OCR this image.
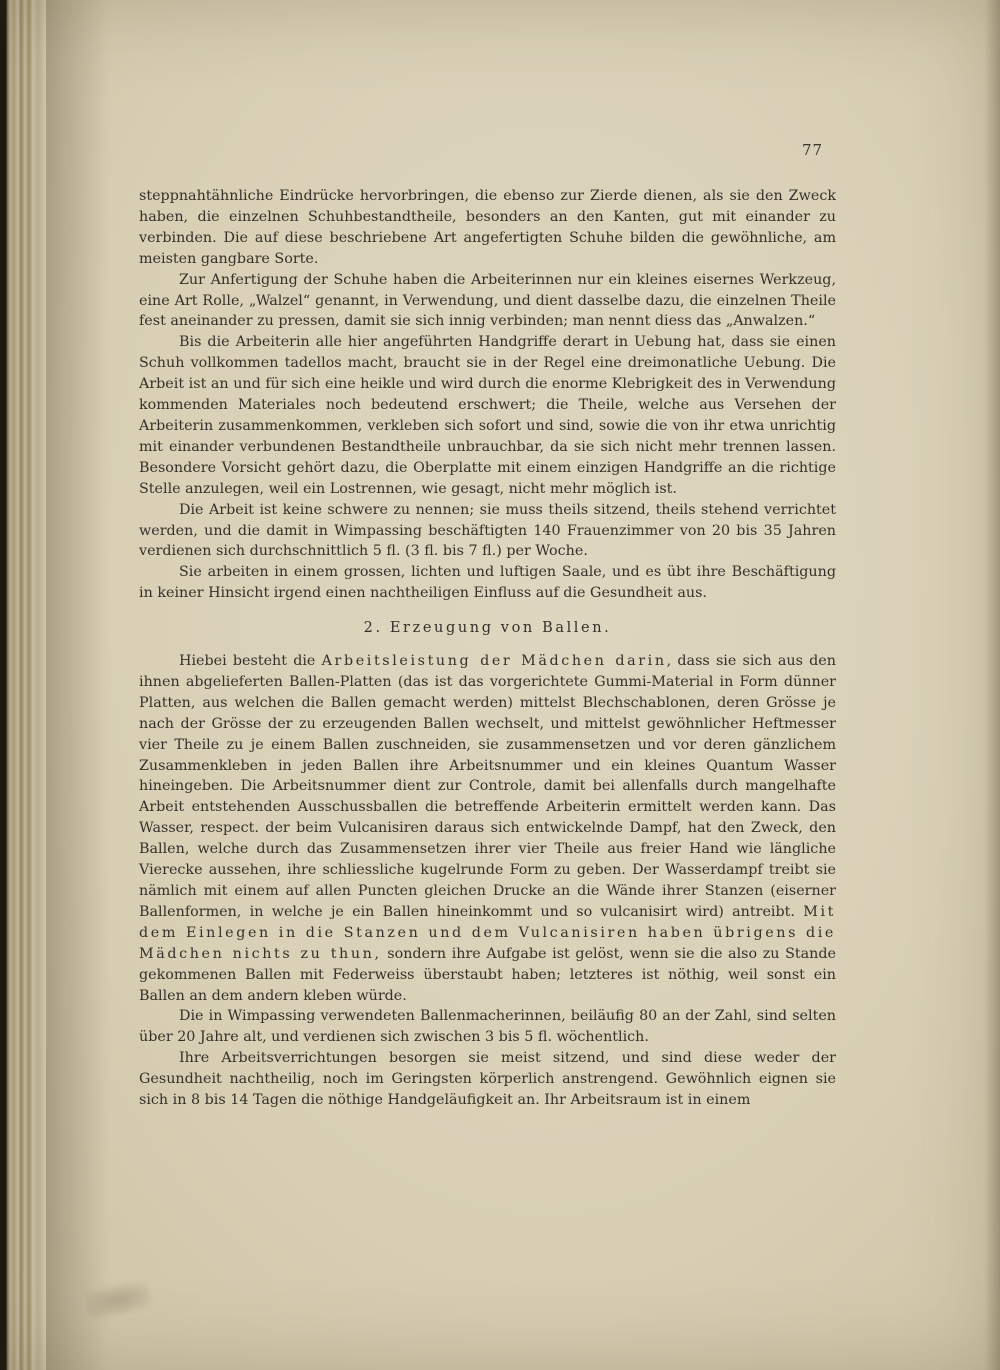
77

steppnahtähnliche Eindrücke hervorbringen, die ebenso zur Zierde dienen, als sie den Zweck haben, die einzelnen Schuhbestandtheile, besonders an den Kanten, gut mit einander zu verbinden. Die auf diese beschriebene Art angefertigten Schuhe bilden die gewöhnliche, am meisten gangbare Sorte.

Zur Anfertigung der Schuhe haben die Arbeiterinnen nur ein kleines eisernes Werkzeug, eine Art Rolle, „Walzel“ genannt, in Verwendung, und dient dasselbe dazu, die einzelnen Theile fest aneinander zu pressen, damit sie sich innig verbinden; man nennt diess das „Anwalzen.“

Bis die Arbeiterin alle hier angeführten Handgriffe derart in Uebung hat, dass sie einen Schuh vollkommen tadellos macht, braucht sie in der Regel eine dreimonatliche Uebung. Die Arbeit ist an und für sich eine heikle und wird durch die enorme Klebrigkeit des in Verwendung kommenden Materiales noch bedeutend erschwert; die Theile, welche aus Versehen der Arbeiterin zusammenkommen, verkleben sich sofort und sind, sowie die von ihr etwa unrichtig mit einander verbundenen Bestandtheile unbrauchbar, da sie sich nicht mehr trennen lassen. Besondere Vorsicht gehört dazu, die Oberplatte mit einem einzigen Handgriffe an die richtige Stelle anzulegen, weil ein Lostrennen, wie gesagt, nicht mehr möglich ist.

Die Arbeit ist keine schwere zu nennen; sie muss theils sitzend, theils stehend verrichtet werden, und die damit in Wimpassing beschäftigten 140 Frauenzimmer von 20 bis 35 Jahren verdienen sich durchschnittlich 5 fl. (3 fl. bis 7 fl.) per Woche.

Sie arbeiten in einem grossen, lichten und luftigen Saale, und es übt ihre Beschäftigung in keiner Hinsicht irgend einen nachtheiligen Einfluss auf die Gesundheit aus.

2. Erzeugung von Ballen.

Hiebei besteht die Arbeitsleistung der Mädchen darin, dass sie sich aus den ihnen abgelieferten Ballen-Platten (das ist das vorgerichtete Gummi-Material in Form dünner Platten, aus welchen die Ballen gemacht werden) mittelst Blechschablonen, deren Grösse je nach der Grösse der zu erzeugenden Ballen wechselt, und mittelst gewöhnlicher Heftmesser vier Theile zu je einem Ballen zuschneiden, sie zusammensetzen und vor deren gänzlichem Zusammenkleben in jeden Ballen ihre Arbeitsnummer und ein kleines Quantum Wasser hineingeben. Die Arbeitsnummer dient zur Controle, damit bei allenfalls durch mangelhafte Arbeit entstehenden Ausschussballen die betreffende Arbeiterin ermittelt werden kann. Das Wasser, respect. der beim Vulcanisiren daraus sich entwickelnde Dampf, hat den Zweck, den Ballen, welche durch das Zusammensetzen ihrer vier Theile aus freier Hand wie längliche Vierecke aussehen, ihre schliessliche kugelrunde Form zu geben. Der Wasserdampf treibt sie nämlich mit einem auf allen Puncten gleichen Drucke an die Wände ihrer Stanzen (eiserner Ballenformen, in welche je ein Ballen hineinkommt und so vulcanisirt wird) antreibt. Mit dem Einlegen in die Stanzen und dem Vulcanisiren haben übrigens die Mädchen nichts zu thun, sondern ihre Aufgabe ist gelöst, wenn sie die also zu Stande gekommenen Ballen mit Federweiss überstaubt haben; letzteres ist nöthig, weil sonst ein Ballen an dem andern kleben würde.

Die in Wimpassing verwendeten Ballenmacherinnen, beiläufig 80 an der Zahl, sind selten über 20 Jahre alt, und verdienen sich zwischen 3 bis 5 fl. wöchentlich.

Ihre Arbeitsverrichtungen besorgen sie meist sitzend, und sind diese weder der Gesundheit nachtheilig, noch im Geringsten körperlich anstrengend. Gewöhnlich eignen sie sich in 8 bis 14 Tagen die nöthige Handgeläufigkeit an. Ihr Arbeitsraum ist in einem
